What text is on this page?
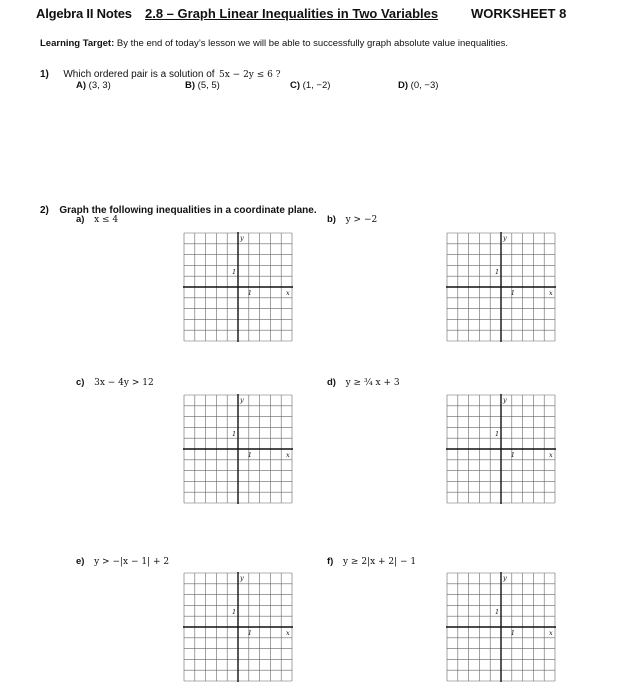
Algebra II Notes 2.8 – Graph Linear Inequalities in Two Variables	WORKSHEET 8
Learning Target: By the end of today’s lesson we will be able to successfully graph absolute value inequalities.
1) Which ordered pair is a solution of 5x − 2y ≤ 6 ?
A) (3, 3)	B) (5, 5)	C) (1, −2)	D) (0, −3)
2) Graph the following inequalities in a coordinate plane.
a) x ≤ 4	b) y > −2
c) 3x − 4y > 12	d) y ≥ ¾ x + 3
e) y > −|x − 1| + 2	f) y ≥ 2|x + 2| − 1
y
x
1
1
y
x
1
1
y
x
1
1
y
x
1
1
y
x
1
1
y
x
1
1
